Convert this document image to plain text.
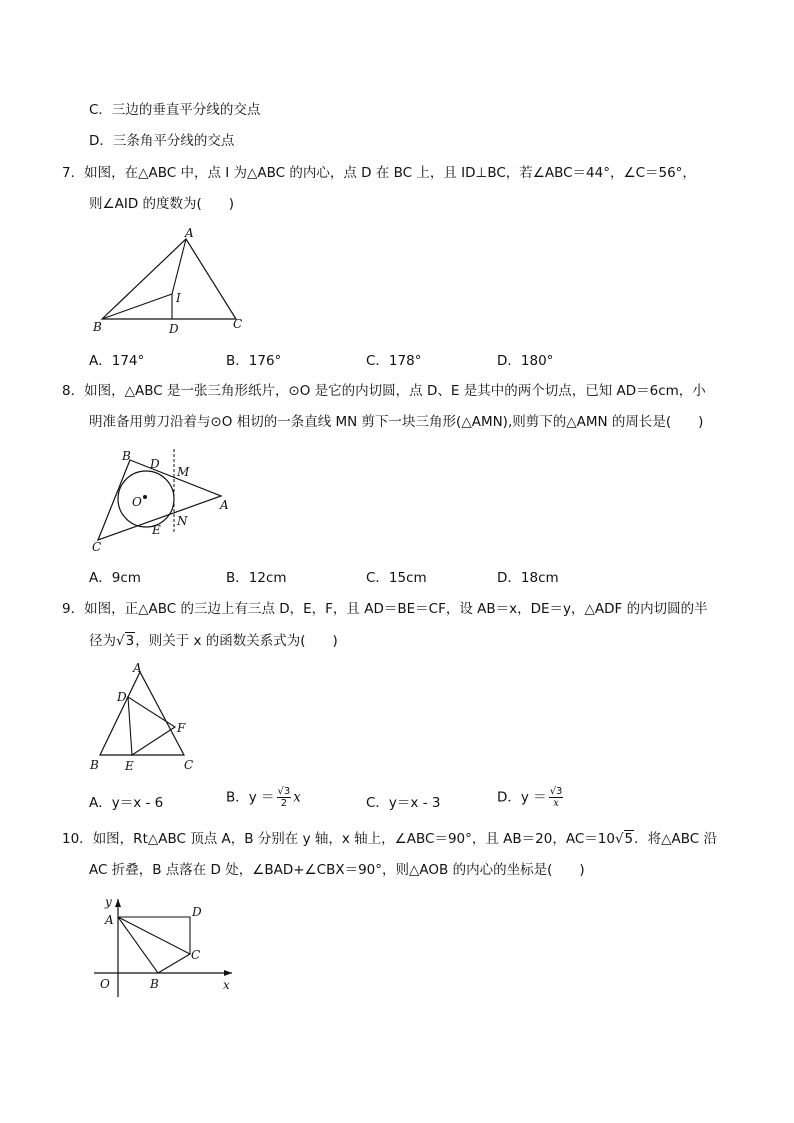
C．三边的垂直平分线的交点
D．三条角平分线的交点
7．如图，在△ABC 中，点 I 为△ABC 的内心，点 D 在 BC 上，且 ID⊥BC，若∠ABC＝44°，∠C＝56°，
则∠AID 的度数为(　　)
A
B	C
D
I
A．174°	B．176°	C．178°	D．180°
8．如图，△ABC 是一张三角形纸片，⊙O 是它的内切圆，点 D、E 是其中的两个切点，已知 AD＝6cm，小
明准备用剪刀沿着与⊙O 相切的一条直线 MN 剪下一块三角形(△AMN),则剪下的△AMN 的周长是(　　)
B
D
M
O	A
N
E
C
A．9cm	B．12cm	C．15cm	D．18cm
9．如图，正△ABC 的三边上有三点 D，E，F，且 AD＝BE＝CF，设 AB＝x，DE＝y，△ADF 的内切圆的半
径为√3，则关于 x 的函数关系式为(　　)
A
D
F
B E	C
A．y＝x - 6	B．$y = \frac{√3}{2}$ x	C．y＝x - 3	D．$y = \frac{√3}{x}$
10．如图，Rt△ABC 顶点 A，B 分别在 y 轴，x 轴上，∠ABC＝90°，且 AB＝20，AC＝10√5．将△ABC 沿
AC 折叠，B 点落在 D 处，∠BAD+∠CBX＝90°，则△AOB 的内心的坐标是(　　)
y
A
D
C
O	B	x
